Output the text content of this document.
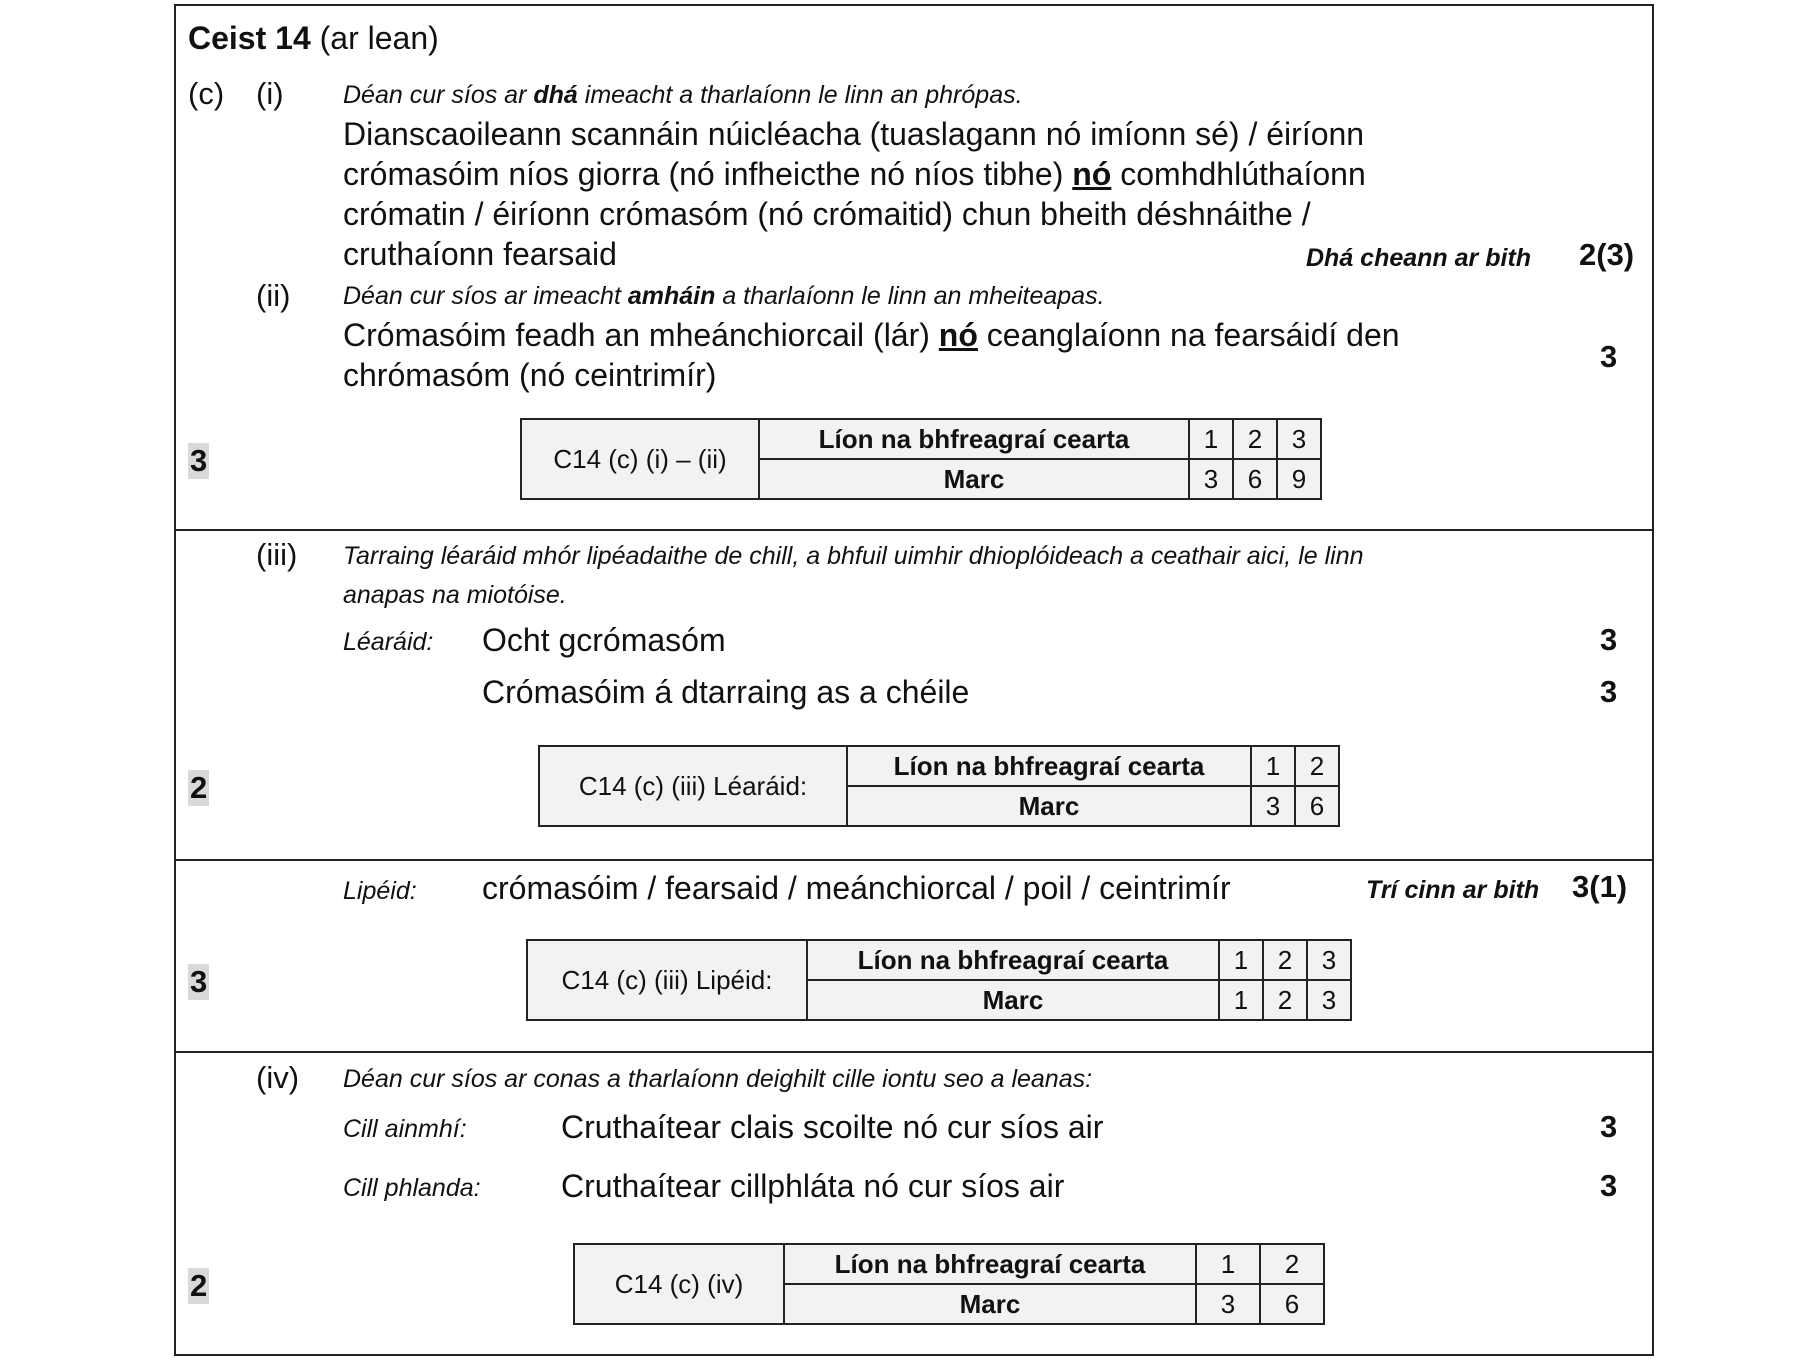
Ceist 14 (ar lean)
(c) (i) Déan cur síos ar dhá imeacht a tharlaíonn le linn an phrópas.
Dianscaoileann scannáin núicléacha (tuaslagann nó imíonn sé) / éiríonn crómasóim níos giorra (nó infheicthe nó níos tibhe) nó comhdhlúthaíonn crómatin / éiríonn crómasóm (nó crómaitid) chun bheith déshnáithe / cruthaíonn fearsaid	Dhá cheann ar bith 2(3)
(ii) Déan cur síos ar imeacht amháin a tharlaíonn le linn an mheiteapas.
Crómasóim feadh an mheánchiorcail (lár) nó ceanglaíonn na fearsáidí den chrómasóm (nó ceintrimír)
3
3	C14 (c) (i) – (ii)	Líon na bhfreagraí cearta	1	2	3
	Marc	3	6	9
(iii) Tarraing léaráid mhór lipéadaithe de chill, a bhfuil uimhir dhioplóideach a ceathair aici, le linn
anapas na miotóise.
Léaráid: Ocht gcrómasóm	3
Crómasóim á dtarraing as a chéile	3
2	C14 (c) (iii) Léaráid:	Líon na bhfreagraí cearta	1	2
	Marc	3	6
Lipéid: crómasóim / fearsaid / meánchiorcal / poil / ceintrimír	Trí cinn ar bith 3(1)
3	C14 (c) (iii) Lipéid:	Líon na bhfreagraí cearta	1	2	3
	Marc	1	2	3
(iv) Déan cur síos ar conas a tharlaíonn deighilt cille iontu seo a leanas:
Cill ainmhí:	Cruthaítear clais scoilte nó cur síos air	3
Cill phlanda:	Cruthaítear cillphláta nó cur síos air	3
2	C14 (c) (iv)	Líon na bhfreagraí cearta	1	2
	Marc	3	6
